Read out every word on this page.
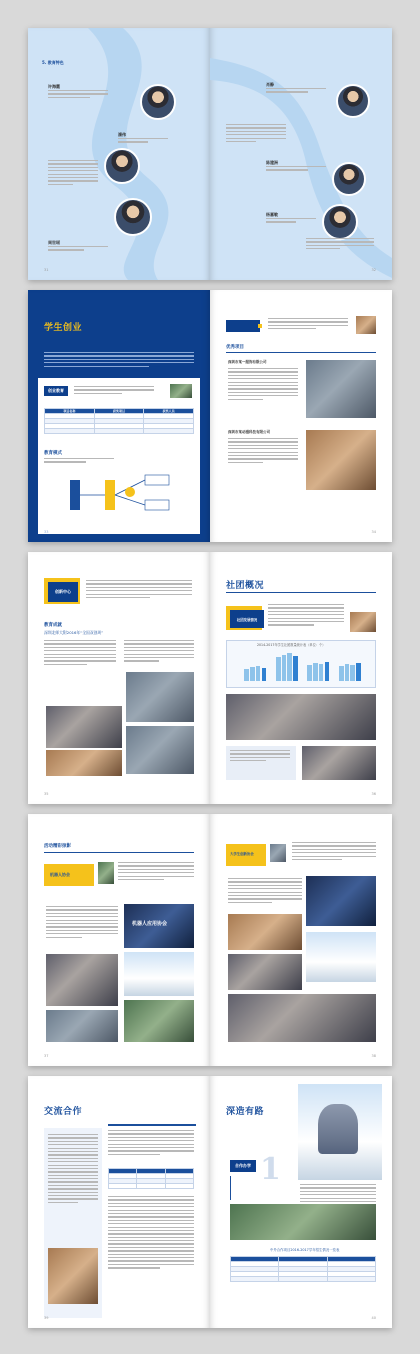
5. 教育特色
许海霞
潘伟
周世瑶
31
肖静
陈建洲
杨嘉敏
32
学生创业
创业教育
项目名称	获奖项目	获奖人员

教育模式
33
优秀项目
深圳市某一服饰有限公司
深圳市某动漫科技有限公司
34
创新中心
教育成就
深圳北师大附2016年“全国双创周”
35
社团概况
社团发展情况
2014-2017年学生社团数量统计表（单位：个）
36
活动精彩掠影
机器人协会
机器人应用协会
37
大学生创新协会
38
交流合作

39
深造有路
合作办学 1
中外合作项目2016-2017学年招生情况一览表

40
